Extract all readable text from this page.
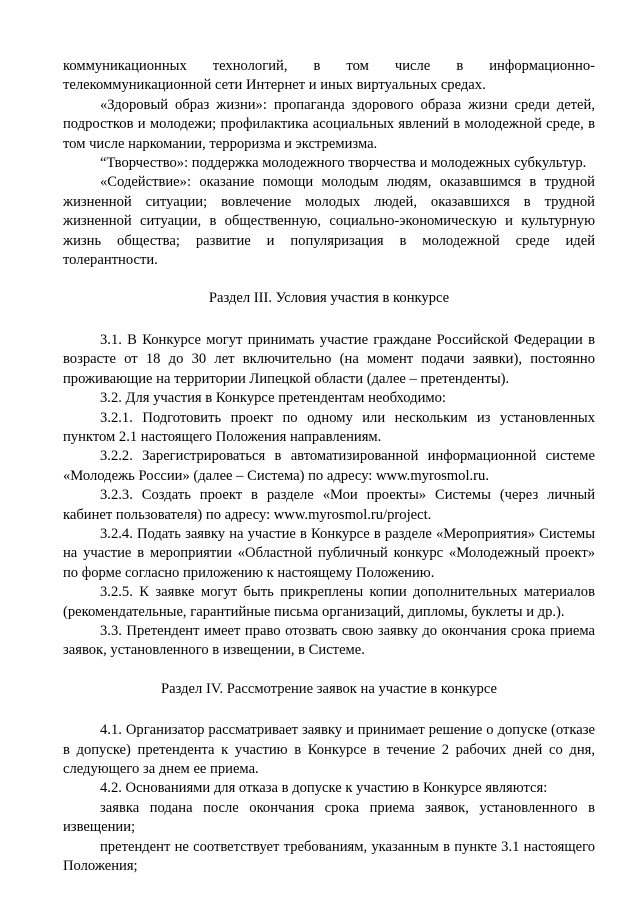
коммуникационных технологий, в том числе в информационно-телекоммуникационной сети Интернет и иных виртуальных средах.

«Здоровый образ жизни»: пропаганда здорового образа жизни среди детей, подростков и молодежи; профилактика асоциальных явлений в молодежной среде, в том числе наркомании, терроризма и экстремизма.

“Творчество»: поддержка молодежного творчества и молодежных субкультур.

«Содействие»: оказание помощи молодым людям, оказавшимся в трудной жизненной ситуации; вовлечение молодых людей, оказавшихся в трудной жизненной ситуации, в общественную, социально-экономическую и культурную жизнь общества; развитие и популяризация в молодежной среде идей толерантности.

Раздел III. Условия участия в конкурсе

3.1. В Конкурсе могут принимать участие граждане Российской Федерации в возрасте от 18 до 30 лет включительно (на момент подачи заявки), постоянно проживающие на территории Липецкой области (далее – претенденты).

3.2. Для участия в Конкурсе претендентам необходимо:

3.2.1. Подготовить проект по одному или нескольким из установленных пунктом 2.1 настоящего Положения направлениям.

3.2.2. Зарегистрироваться в автоматизированной информационной системе «Молодежь России» (далее – Система) по адресу: www.myrosmol.ru.

3.2.3. Создать проект в разделе «Мои проекты» Системы (через личный кабинет пользователя) по адресу: www.myrosmol.ru/project.

3.2.4. Подать заявку на участие в Конкурсе в разделе «Мероприятия» Системы на участие в мероприятии «Областной публичный конкурс «Молодежный проект» по форме согласно приложению к настоящему Положению.

3.2.5. К заявке могут быть прикреплены копии дополнительных материалов (рекомендательные, гарантийные письма организаций, дипломы, буклеты и др.).

3.3. Претендент имеет право отозвать свою заявку до окончания срока приема заявок, установленного в извещении, в Системе.

Раздел IV. Рассмотрение заявок на участие в конкурсе

4.1. Организатор рассматривает заявку и принимает решение о допуске (отказе в допуске) претендента к участию в Конкурсе в течение 2 рабочих дней со дня, следующего за днем ее приема.

4.2. Основаниями для отказа в допуске к участию в Конкурсе являются:

заявка подана после окончания срока приема заявок, установленного в извещении;

претендент не соответствует требованиям, указанным в пункте 3.1 настоящего Положения;
